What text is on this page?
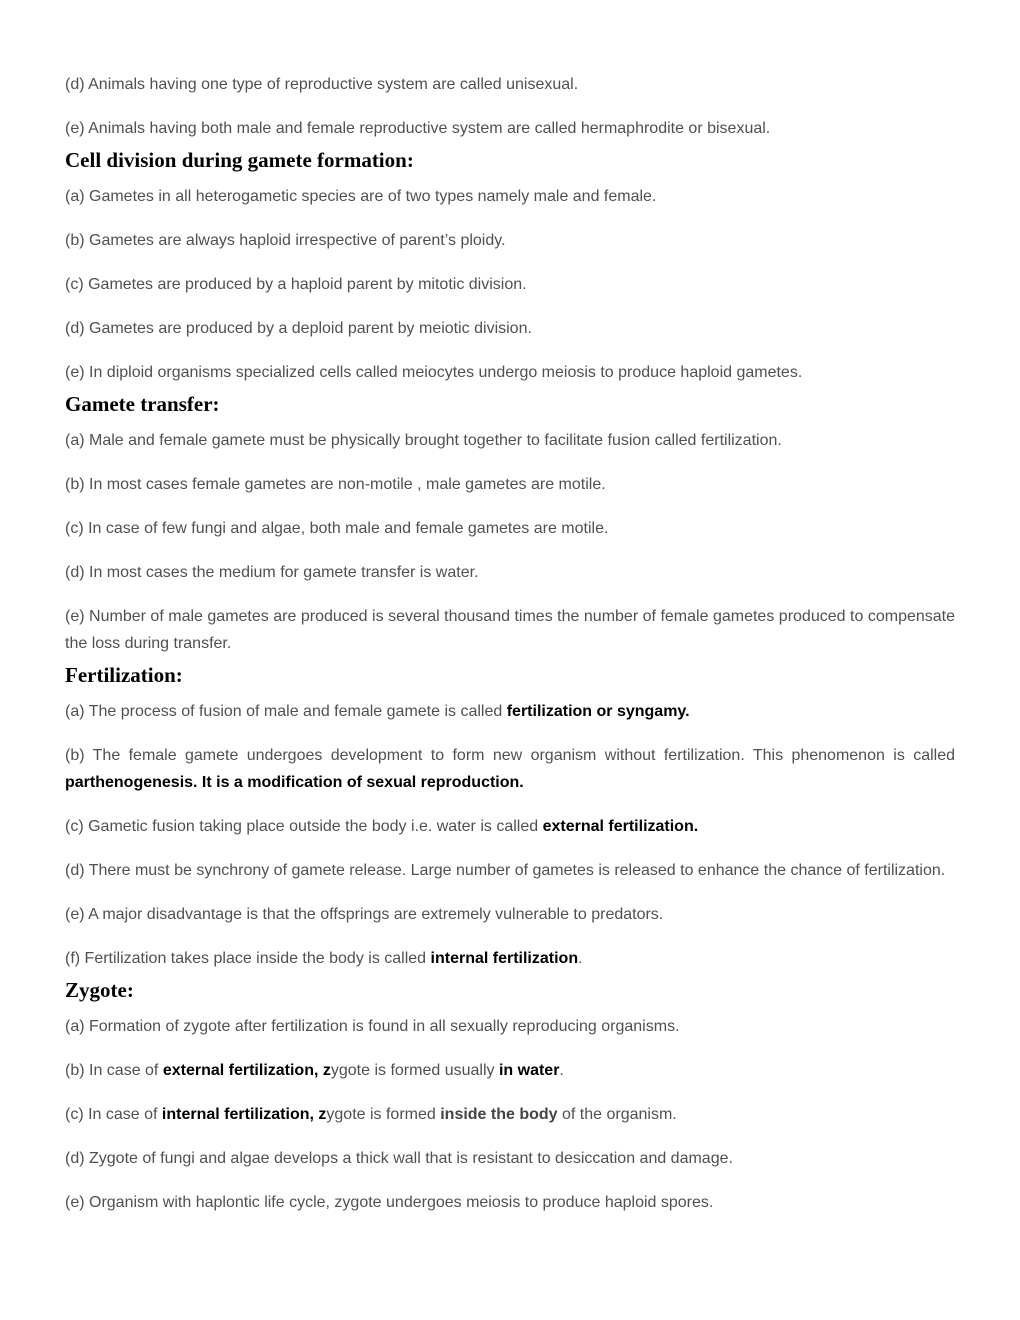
(d) Animals having one type of reproductive system are called unisexual.

(e) Animals having both male and female reproductive system are called hermaphrodite or bisexual.

Cell division during gamete formation:

(a) Gametes in all heterogametic species are of two types namely male and female.

(b) Gametes are always haploid irrespective of parent’s ploidy.

(c) Gametes are produced by a haploid parent by mitotic division.

(d) Gametes are produced by a deploid parent by meiotic division.

(e) In diploid organisms specialized cells called meiocytes undergo meiosis to produce haploid gametes.

Gamete transfer:

(a) Male and female gamete must be physically brought together to facilitate fusion called fertilization.

(b) In most cases female gametes are non-motile , male gametes are motile.

(c) In case of few fungi and algae, both male and female gametes are motile.

(d) In most cases the medium for gamete transfer is water.

(e) Number of male gametes are produced is several thousand times the number of female gametes produced to compensate the loss during transfer.

Fertilization:

(a) The process of fusion of male and female gamete is called fertilization or syngamy.

(b) The female gamete undergoes development to form new organism without fertilization. This phenomenon is called parthenogenesis. It is a modification of sexual reproduction.

(c) Gametic fusion taking place outside the body i.e. water is called external fertilization.

(d) There must be synchrony of gamete release. Large number of gametes is released to enhance the chance of fertilization.

(e) A major disadvantage is that the offsprings are extremely vulnerable to predators.

(f) Fertilization takes place inside the body is called internal fertilization.

Zygote:

(a) Formation of zygote after fertilization is found in all sexually reproducing organisms.

(b) In case of external fertilization, zygote is formed usually in water.

(c) In case of internal fertilization, zygote is formed inside the body of the organism.

(d) Zygote of fungi and algae develops a thick wall that is resistant to desiccation and damage.

(e) Organism with haplontic life cycle, zygote undergoes meiosis to produce haploid spores.
